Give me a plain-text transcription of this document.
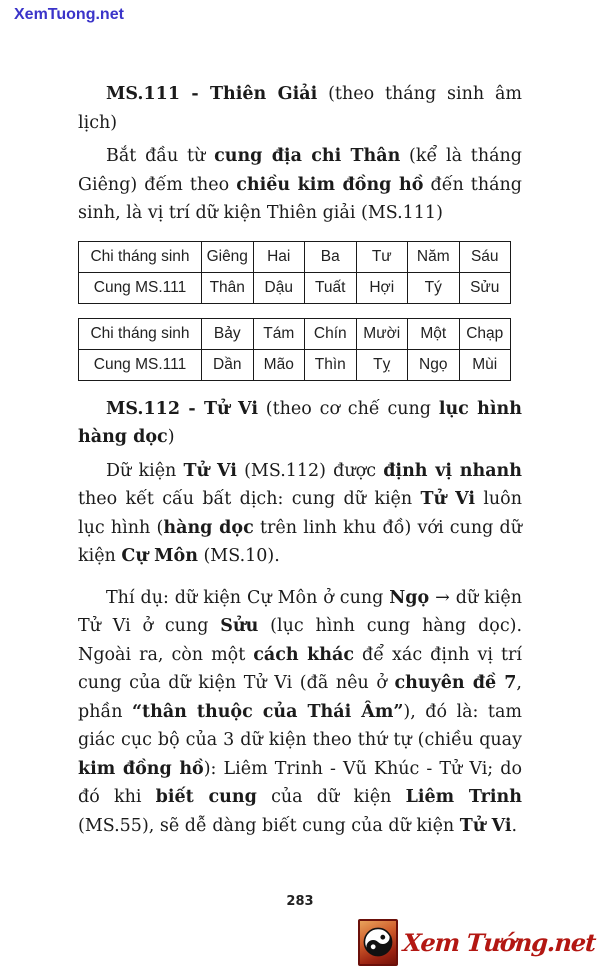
XemTuong.net

MS.111 - Thiên Giải (theo tháng sinh âm lịch)

Bắt đầu từ cung địa chi Thân (kể là tháng Giêng) đếm theo chiều kim đồng hồ đến tháng sinh, là vị trí dữ kiện Thiên giải (MS.111)

Chi tháng sinh	Giêng	Hai	Ba	Tư	Năm	Sáu
Cung MS.111	Thân	Dậu	Tuất	Hợi	Tý	Sửu
Chi tháng sinh	Bảy	Tám	Chín	Mười	Một	Chạp
Cung MS.111	Dần	Mão	Thìn	Tỵ	Ngọ	Mùi

MS.112 - Tử Vi (theo cơ chế cung lục hình hàng dọc)

Dữ kiện Tử Vi (MS.112) được định vị nhanh theo kết cấu bất dịch: cung dữ kiện Tử Vi luôn lục hình (hàng dọc trên linh khu đồ) với cung dữ kiện Cự Môn (MS.10).

Thí dụ: dữ kiện Cự Môn ở cung Ngọ → dữ kiện Tử Vi ở cung Sửu (lục hình cung hàng dọc). Ngoài ra, còn một cách khác để xác định vị trí cung của dữ kiện Tử Vi (đã nêu ở chuyên đề 7, phần “thân thuộc của Thái Âm”), đó là: tam giác cục bộ của 3 dữ kiện theo thứ tự (chiều quay kim đồng hồ): Liêm Trinh - Vũ Khúc - Tử Vi; do đó khi biết cung của dữ kiện Liêm Trinh (MS.55), sẽ dễ dàng biết cung của dữ kiện Tử Vi.

283
Xem Tướng.net
